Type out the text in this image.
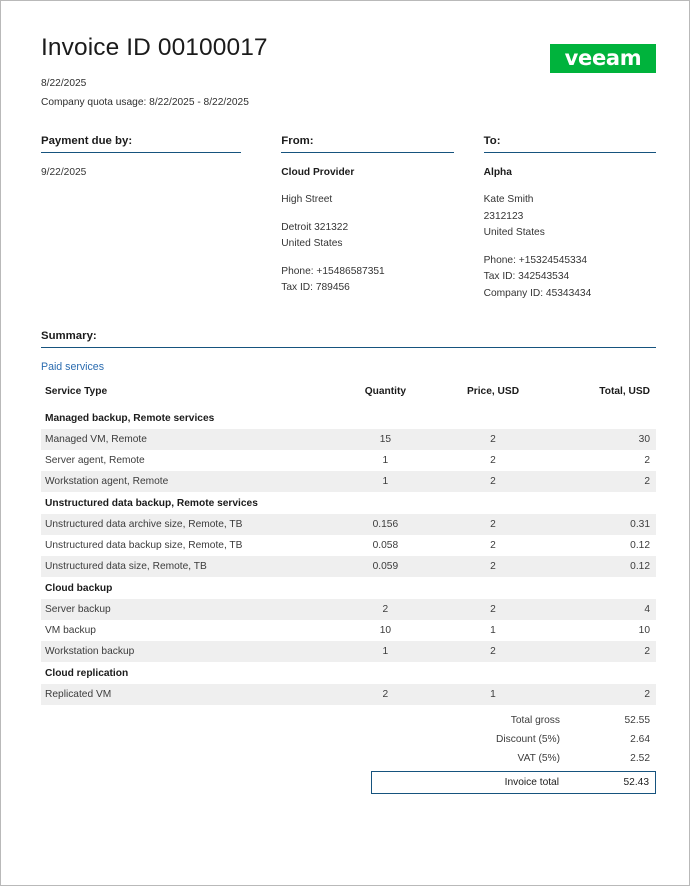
Invoice ID 00100017
8/22/2025
Company quota usage: 8/22/2025 - 8/22/2025
veeam
Payment due by:
9/22/2025
From:
Cloud Provider
High Street
Detroit 321322
United States
Phone: +15486587351
Tax ID: 789456
To:
Alpha
Kate Smith
2312123
United States
Phone: +15324545334
Tax ID: 342543534
Company ID: 45343434
Summary:
Paid services
Service Type	Quantity	Price, USD	Total, USD
Managed backup, Remote services			
Managed VM, Remote	15	2	30
Server agent, Remote	1	2	2
Workstation agent, Remote	1	2	2
Unstructured data backup, Remote services			
Unstructured data archive size, Remote, TB	0.156	2	0.31
Unstructured data backup size, Remote, TB	0.058	2	0.12
Unstructured data size, Remote, TB	0.059	2	0.12
Cloud backup			
Server backup	2	2	4
VM backup	10	1	10
Workstation backup	1	2	2
Cloud replication			
Replicated VM	2	1	2
Total gross	52.55
Discount (5%)	2.64
VAT (5%)	2.52
Invoice total	52.43
